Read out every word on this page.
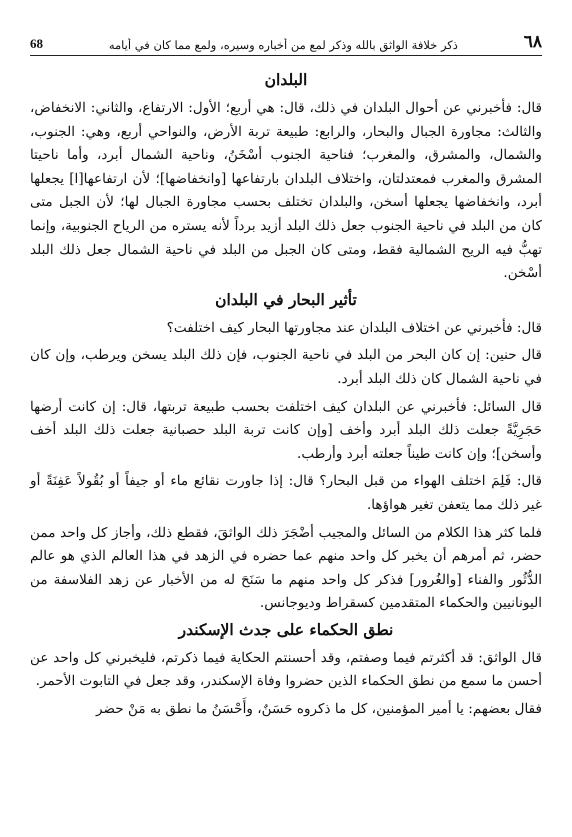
٦٨
ذكر خلافة الواثق بالله وذكر لمع من أخباره وسيره، ولمع مما كان في أيامه
68
البلدان

قال: فأخبرني عن أحوال البلدان في ذلك، قال: هي أربع؛ الأول: الارتفاع، والثاني: الانخفاض، والثالث: مجاورة الجبال والبحار، والرابع: طبيعة تربة الأرض، والنواحي أربع، وهي: الجنوب، والشمال، والمشرق، والمغرب؛ فناحية الجنوب أسْخَنُ، وناحية الشمال أبرد، وأما ناحيتا المشرق والمغرب فمعتدلتان، واختلاف البلدان بارتفاعها [وانخفاضها]؛ لأن ارتفاعها[ا] يجعلها أبرد، وانخفاضها يجعلها أسخن، والبلدان تختلف بحسب مجاورة الجبال لها؛ لأن الجبل متى كان من البلد في ناحية الجنوب جعل ذلك البلد أزيد برداً لأنه يستره من الرياح الجنوبية، وإنما تهبُّ فيه الريح الشمالية فقط، ومتى كان الجبل من البلد في ناحية الشمال جعل ذلك البلد أسْخن.

تأثير البحار في البلدان

قال: فأخبرني عن اختلاف البلدان عند مجاورتها البحار كيف اختلفت؟

قال حنين: إن كان البحر من البلد في ناحية الجنوب، فإن ذلك البلد يسخن ويرطب، وإن كان في ناحية الشمال كان ذلك البلد أبرد.

قال السائل: فأخبرني عن البلدان كيف اختلفت بحسب طبيعة تربتها، قال: إن كانت أرضها حَجَرِيَّةً جعلت ذلك البلد أبرد وأخف [وإن كانت تربة البلد حصبانية جعلت ذلك البلد أخف وأسخن]؛ وإن كانت طيناً جعلته أبرد وأرطب.

قال: فَلِمَ اختلف الهواء من قبل البحار؟ قال: إذا جاورت نقائع ماء أو جيفاً أو بُقُولاً عَفِنَةً أو غير ذلك مما يتعفن تغير هواؤها.

فلما كثر هذا الكلام من السائل والمجيب أضْجَرَ ذلك الواثقَ، فقطع ذلك، وأجاز كل واحد ممن حضر، ثم أمرهم أن يخبر كل واحد منهم عما حضره في الزهد في هذا العالم الذي هو عالم الدُّثُور والفناء [والغُرور] فذكر كل واحد منهم ما سَنَحَ له من الأخبار عن زهد الفلاسفة من اليونانيين والحكماء المتقدمين كسقراط وديوجانس.

نطق الحكماء على جدث الإسكندر

قال الواثق: قد أكثرتم فيما وصفتم، وقد أحسنتم الحكاية فيما ذكرتم، فليخبرني كل واحد عن أحسن ما سمع من نطق الحكماء الذين حضروا وفاة الإسكندر، وقد جعل في التابوت الأحمر.

فقال بعضهم: يا أمير المؤمنين، كل ما ذكروه حَسَنٌ، وأَحْسَنُ ما نطق به مَنْ حضر
